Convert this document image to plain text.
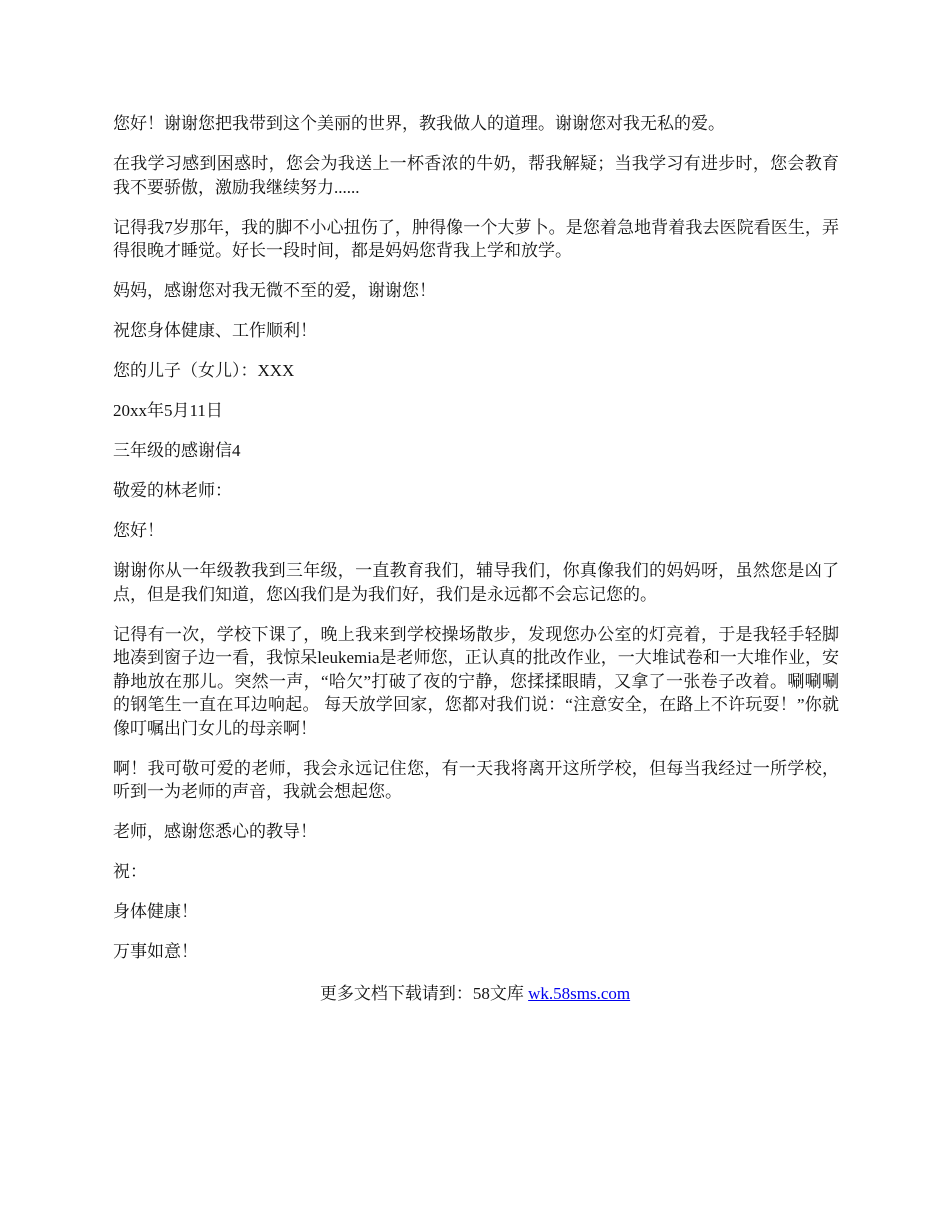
您好！谢谢您把我带到这个美丽的世界，教我做人的道理。谢谢您对我无私的爱。

在我学习感到困惑时，您会为我送上一杯香浓的牛奶，帮我解疑；当我学习有进步时，您会教育我不要骄傲，激励我继续努力......

记得我7岁那年，我的脚不小心扭伤了，肿得像一个大萝卜。是您着急地背着我去医院看医生，弄得很晚才睡觉。好长一段时间，都是妈妈您背我上学和放学。

妈妈，感谢您对我无微不至的爱，谢谢您！

祝您身体健康、工作顺利！

您的儿子（女儿）：XXX

20xx年5月11日

三年级的感谢信4

敬爱的林老师：

您好！

谢谢你从一年级教我到三年级，一直教育我们，辅导我们，你真像我们的妈妈呀，虽然您是凶了点，但是我们知道，您凶我们是为我们好，我们是永远都不会忘记您的。

记得有一次，学校下课了，晚上我来到学校操场散步，发现您办公室的灯亮着，于是我轻手轻脚地凑到窗子边一看，我惊呆leukemia是老师您，正认真的批改作业，一大堆试卷和一大堆作业，安静地放在那儿。突然一声，“哈欠”打破了夜的宁静，您揉揉眼睛，又拿了一张卷子改着。唰唰唰的钢笔生一直在耳边响起。 每天放学回家，您都对我们说：“注意安全，在路上不许玩耍！”你就像叮嘱出门女儿的母亲啊！

啊！我可敬可爱的老师，我会永远记住您，有一天我将离开这所学校，但每当我经过一所学校，听到一为老师的声音，我就会想起您。

老师，感谢您悉心的教导！

祝：

身体健康！

万事如意！

更多文档下载请到：58文库 wk.58sms.com
